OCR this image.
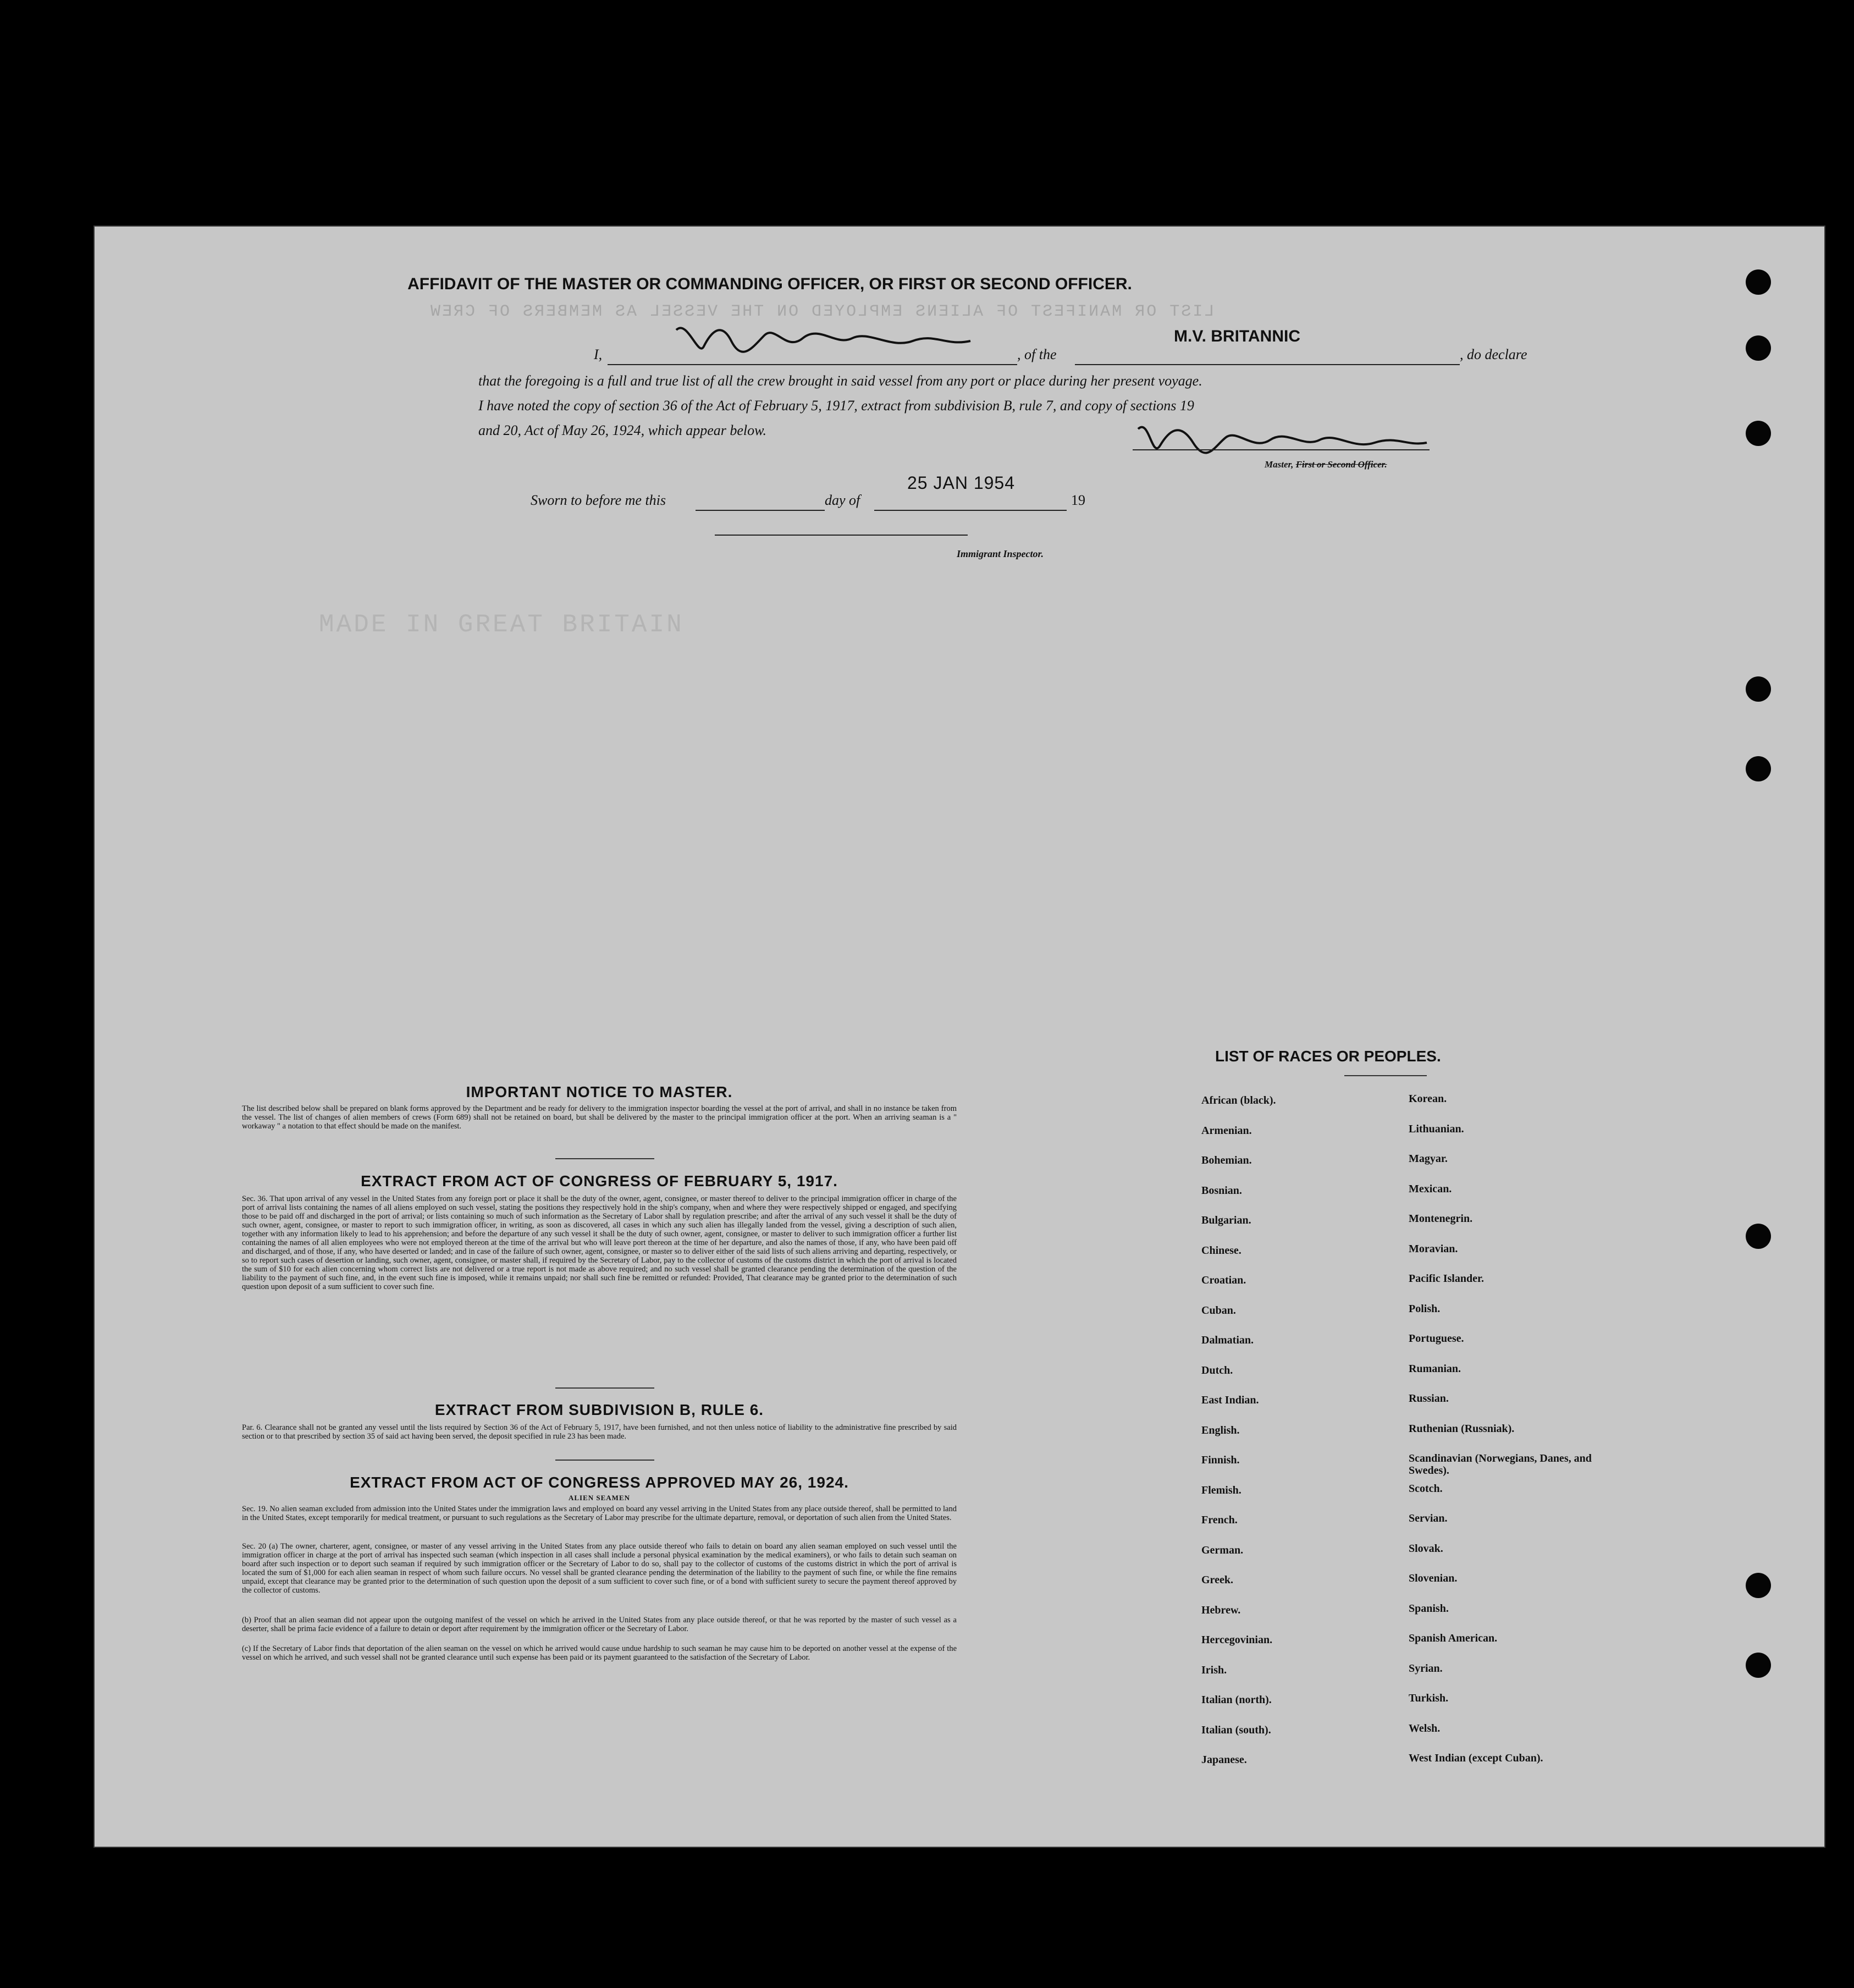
LIST OR MANIFEST OF ALIENS EMPLOYED ON THE VESSEL AS MEMBERS OF CREW
MADE IN GREAT BRITAIN
AFFIDAVIT OF THE MASTER OR COMMANDING OFFICER, OR FIRST OR SECOND OFFICER.
I,	, of the
M.V. BRITANNIC
, do declare
that the foregoing is a full and true list of all the crew brought in said vessel from any port or place during her present voyage.
I have noted the copy of section 36 of the Act of February 5, 1917, extract from subdivision B, rule 7, and copy of sections 19
and 20, Act of May 26, 1924, which appear below.
Master, First or Second Officer.
Sworn to before me this	day of
25 JAN 1954
19
Immigrant Inspector.
IMPORTANT NOTICE TO MASTER.
The list described below shall be prepared on blank forms approved by the Department and be ready for delivery to the immigration inspector boarding the vessel at the port of arrival, and shall in no instance be taken from the vessel. The list of changes of alien members of crews (Form 689) shall not be retained on board, but shall be delivered by the master to the principal immigration officer at the port. When an arriving seaman is a " workaway " a notation to that effect should be made on the manifest.
EXTRACT FROM ACT OF CONGRESS OF FEBRUARY 5, 1917.
Sec. 36. That upon arrival of any vessel in the United States from any foreign port or place it shall be the duty of the owner, agent, consignee, or master thereof to deliver to the principal immigration officer in charge of the port of arrival lists containing the names of all aliens employed on such vessel, stating the positions they respectively hold in the ship's company, when and where they were respectively shipped or engaged, and specifying those to be paid off and discharged in the port of arrival; or lists containing so much of such information as the Secretary of Labor shall by regulation prescribe; and after the arrival of any such vessel it shall be the duty of such owner, agent, consignee, or master to report to such immigration officer, in writing, as soon as discovered, all cases in which any such alien has illegally landed from the vessel, giving a description of such alien, together with any information likely to lead to his apprehension; and before the departure of any such vessel it shall be the duty of such owner, agent, consignee, or master to deliver to such immigration officer a further list containing the names of all alien employees who were not employed thereon at the time of the arrival but who will leave port thereon at the time of her departure, and also the names of those, if any, who have been paid off and discharged, and of those, if any, who have deserted or landed; and in case of the failure of such owner, agent, consignee, or master so to deliver either of the said lists of such aliens arriving and departing, respectively, or so to report such cases of desertion or landing, such owner, agent, consignee, or master shall, if required by the Secretary of Labor, pay to the collector of customs of the customs district in which the port of arrival is located the sum of $10 for each alien concerning whom correct lists are not delivered or a true report is not made as above required; and no such vessel shall be granted clearance pending the determination of the question of the liability to the payment of such fine, and, in the event such fine is imposed, while it remains unpaid; nor shall such fine be remitted or refunded: Provided, That clearance may be granted prior to the determination of such question upon deposit of a sum sufficient to cover such fine.
EXTRACT FROM SUBDIVISION B, RULE 6.
Par. 6. Clearance shall not be granted any vessel until the lists required by Section 36 of the Act of February 5, 1917, have been furnished, and not then unless notice of liability to the administrative fine prescribed by said section or to that prescribed by section 35 of said act having been served, the deposit specified in rule 23 has been made.
EXTRACT FROM ACT OF CONGRESS APPROVED MAY 26, 1924.
ALIEN SEAMEN
Sec. 19. No alien seaman excluded from admission into the United States under the immigration laws and employed on board any vessel arriving in the United States from any place outside thereof, shall be permitted to land in the United States, except temporarily for medical treatment, or pursuant to such regulations as the Secretary of Labor may prescribe for the ultimate departure, removal, or deportation of such alien from the United States.
Sec. 20 (a) The owner, charterer, agent, consignee, or master of any vessel arriving in the United States from any place outside thereof who fails to detain on board any alien seaman employed on such vessel until the immigration officer in charge at the port of arrival has inspected such seaman (which inspection in all cases shall include a personal physical examination by the medical examiners), or who fails to detain such seaman on board after such inspection or to deport such seaman if required by such immigration officer or the Secretary of Labor to do so, shall pay to the collector of customs of the customs district in which the port of arrival is located the sum of $1,000 for each alien seaman in respect of whom such failure occurs. No vessel shall be granted clearance pending the determination of the liability to the payment of such fine, or while the fine remains unpaid, except that clearance may be granted prior to the determination of such question upon the deposit of a sum sufficient to cover such fine, or of a bond with sufficient surety to secure the payment thereof approved by the collector of customs.
(b) Proof that an alien seaman did not appear upon the outgoing manifest of the vessel on which he arrived in the United States from any place outside thereof, or that he was reported by the master of such vessel as a deserter, shall be prima facie evidence of a failure to detain or deport after requirement by the immigration officer or the Secretary of Labor.
(c) If the Secretary of Labor finds that deportation of the alien seaman on the vessel on which he arrived would cause undue hardship to such seaman he may cause him to be deported on another vessel at the expense of the vessel on which he arrived, and such vessel shall not be granted clearance until such expense has been paid or its payment guaranteed to the satisfaction of the Secretary of Labor.
LIST OF RACES OR PEOPLES.
African (black).
Armenian.
Bohemian.
Bosnian.
Bulgarian.
Chinese.
Croatian.
Cuban.
Dalmatian.
Dutch.
East Indian.
English.
Finnish.
Flemish.
French.
German.
Greek.
Hebrew.
Hercegovinian.
Irish.
Italian (north).
Italian (south).
Japanese.
Korean.
Lithuanian.
Magyar.
Mexican.
Montenegrin.
Moravian.
Pacific Islander.
Polish.
Portuguese.
Rumanian.
Russian.
Ruthenian (Russniak).
Scandinavian (Norwegians, Danes, and Swedes).
Scotch.
Servian.
Slovak.
Slovenian.
Spanish.
Spanish American.
Syrian.
Turkish.
Welsh.
West Indian (except Cuban).
